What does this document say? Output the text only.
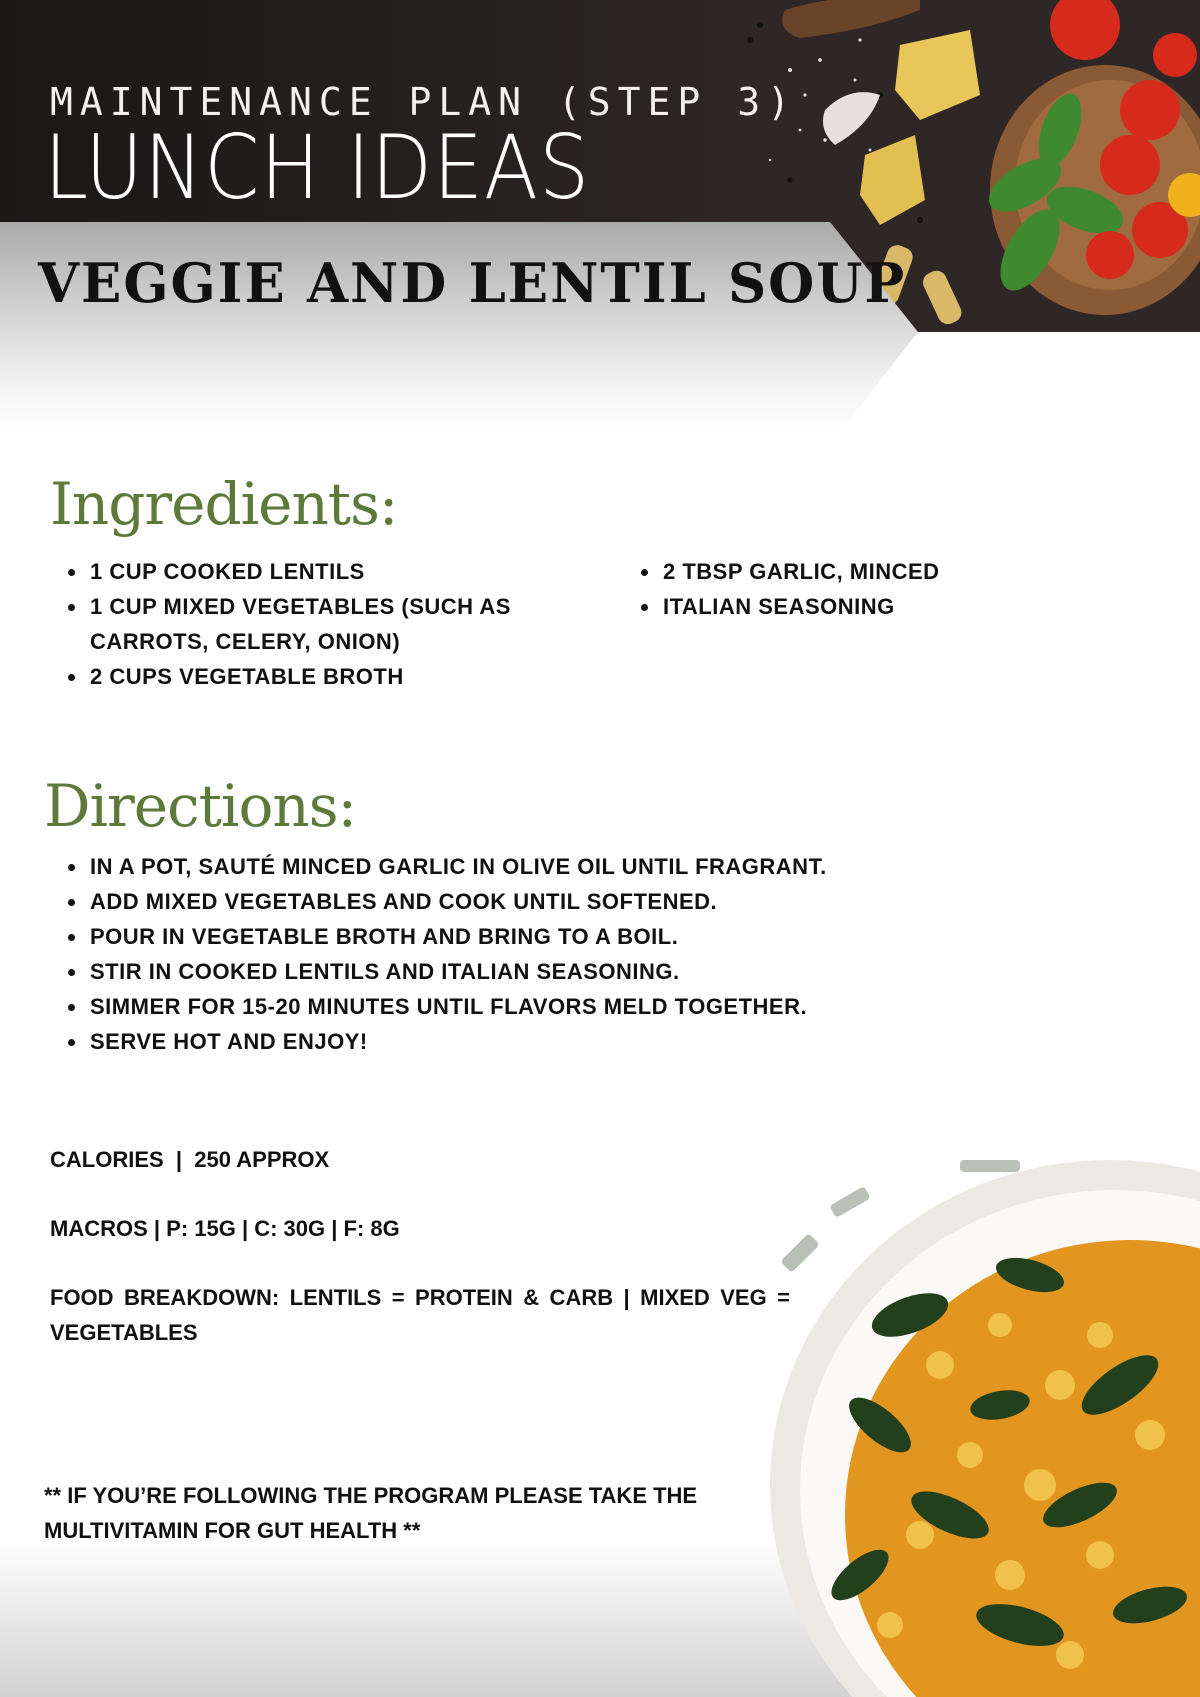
MAINTENANCE PLAN (STEP 3)
LUNCH IDEAS
VEGGIE AND LENTIL SOUP
Ingredients:
• 1 CUP COOKED LENTILS
• 1 CUP MIXED VEGETABLES (SUCH AS CARROTS, CELERY, ONION)
• 2 CUPS VEGETABLE BROTH
• 2 TBSP GARLIC, MINCED
• ITALIAN SEASONING
Directions:
• IN A POT, SAUTÉ MINCED GARLIC IN OLIVE OIL UNTIL FRAGRANT.
• ADD MIXED VEGETABLES AND COOK UNTIL SOFTENED.
• POUR IN VEGETABLE BROTH AND BRING TO A BOIL.
• STIR IN COOKED LENTILS AND ITALIAN SEASONING.
• SIMMER FOR 15-20 MINUTES UNTIL FLAVORS MELD TOGETHER.
• SERVE HOT AND ENJOY!

CALORIES  |  250 APPROX

MACROS | P: 15G | C: 30G | F: 8G

FOOD BREAKDOWN: LENTILS = PROTEIN & CARB | MIXED VEG = VEGETABLES

** IF YOU’RE FOLLOWING THE PROGRAM PLEASE TAKE THE MULTIVITAMIN FOR GUT HEALTH **
